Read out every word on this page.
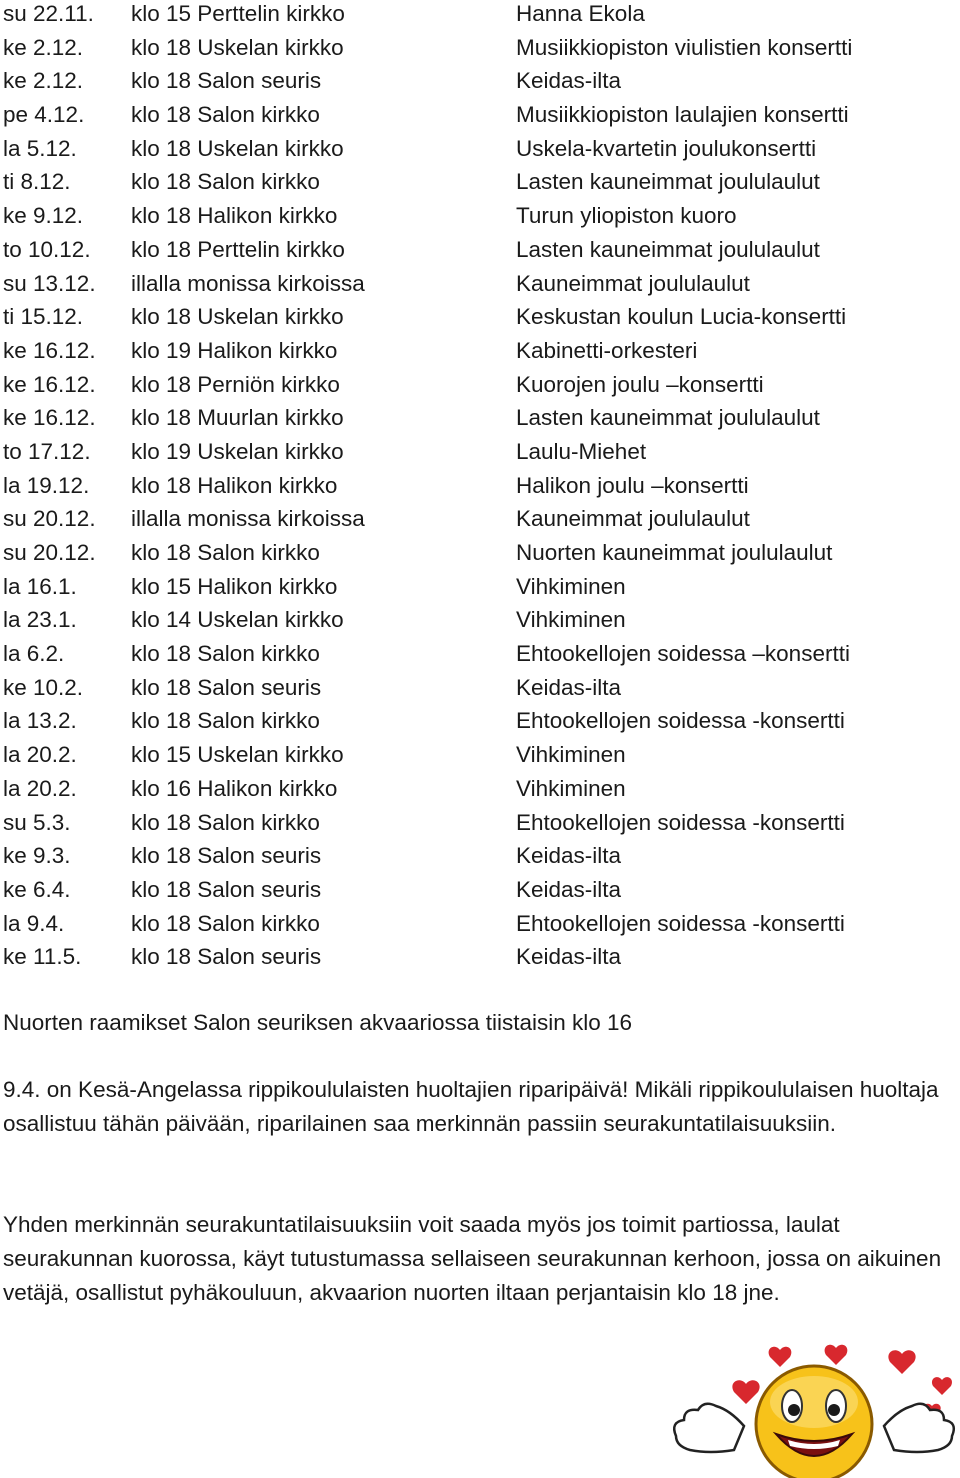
su 22.11.	klo 15 Perttelin kirkko	Hanna Ekola
ke 2.12.	klo 18 Uskelan kirkko	Musiikkiopiston viulistien konsertti
ke 2.12.	klo 18 Salon seuris	Keidas-ilta
pe 4.12.	klo 18 Salon kirkko	Musiikkiopiston laulajien konsertti
la 5.12.	klo 18 Uskelan kirkko	Uskela-kvartetin joulukonsertti
ti 8.12.	klo 18 Salon kirkko	Lasten kauneimmat joululaulut
ke 9.12.	klo 18 Halikon kirkko	Turun yliopiston kuoro
to 10.12.	klo 18 Perttelin kirkko	Lasten kauneimmat joululaulut
su 13.12.	illalla monissa kirkoissa	Kauneimmat joululaulut
ti 15.12.	klo 18 Uskelan kirkko	Keskustan koulun Lucia-konsertti
ke 16.12.	klo 19 Halikon kirkko	Kabinetti-orkesteri
ke 16.12.	klo 18 Perniön kirkko	Kuorojen joulu –konsertti
ke 16.12.	klo 18 Muurlan kirkko	Lasten kauneimmat joululaulut
to 17.12.	klo 19 Uskelan kirkko	Laulu-Miehet
la 19.12.	klo 18 Halikon kirkko	Halikon joulu –konsertti
su 20.12.	illalla monissa kirkoissa	Kauneimmat joululaulut
su 20.12.	klo 18 Salon kirkko	Nuorten kauneimmat joululaulut
la 16.1.	klo 15 Halikon kirkko	Vihkiminen
la 23.1.	klo 14 Uskelan kirkko	Vihkiminen
la 6.2.	klo 18 Salon kirkko	Ehtookellojen soidessa –konsertti
ke 10.2.	klo 18 Salon seuris	Keidas-ilta
la 13.2.	klo 18 Salon kirkko	Ehtookellojen soidessa -konsertti
la 20.2.	klo 15 Uskelan kirkko	Vihkiminen
la 20.2.	klo 16 Halikon kirkko	Vihkiminen
su 5.3.	klo 18 Salon kirkko	Ehtookellojen soidessa -konsertti
ke 9.3.	klo 18 Salon seuris	Keidas-ilta
ke 6.4.	klo 18 Salon seuris	Keidas-ilta
la 9.4.	klo 18 Salon kirkko	Ehtookellojen soidessa -konsertti
ke 11.5.	klo 18 Salon seuris	Keidas-ilta

Nuorten raamikset Salon seuriksen akvaariossa tiistaisin klo 16

9.4. on Kesä-Angelassa rippikoululaisten huoltajien riparipäivä! Mikäli rippikoululaisen huoltaja osallistuu tähän päivään, riparilainen saa merkinnän passiin seurakuntatilaisuuksiin.

Yhden merkinnän seurakuntatilaisuuksiin voit saada myös jos toimit partiossa, laulat seurakunnan kuorossa, käyt tutustumassa sellaiseen seurakunnan kerhoon, jossa on aikuinen vetäjä, osallistut pyhäkouluun, akvaarion nuorten iltaan perjantaisin klo 18 jne.
